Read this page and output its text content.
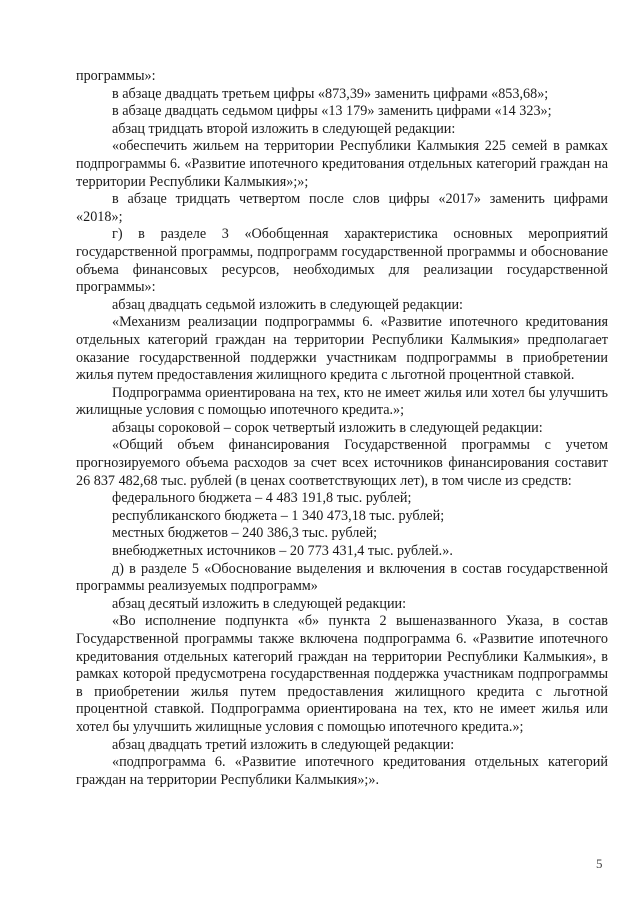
программы»:

в абзаце двадцать третьем цифры «873,39» заменить цифрами «853,68»;

в абзаце двадцать седьмом цифры «13 179» заменить цифрами «14 323»;

абзац тридцать второй изложить в следующей редакции:

«обеспечить жильем на территории Республики Калмыкия 225 семей в рамках подпрограммы 6. «Развитие ипотечного кредитования отдельных категорий граждан на территории Республики Калмыкия»;»;

в абзаце тридцать четвертом после слов цифры «2017» заменить цифрами «2018»;

г) в разделе 3 «Обобщенная характеристика основных мероприятий государственной программы, подпрограмм государственной программы и обоснование объема финансовых ресурсов, необходимых для реализации государственной программы»:

абзац двадцать седьмой изложить в следующей редакции:

«Механизм реализации подпрограммы 6. «Развитие ипотечного кредитования отдельных категорий граждан на территории Республики Калмыкия» предполагает оказание государственной поддержки участникам подпрограммы в приобретении жилья путем предоставления жилищного кредита с льготной процентной ставкой.

Подпрограмма ориентирована на тех, кто не имеет жилья или хотел бы улучшить жилищные условия с помощью ипотечного кредита.»;

абзацы сороковой – сорок четвертый изложить в следующей редакции:

«Общий объем финансирования Государственной программы с учетом прогнозируемого объема расходов за счет всех источников финансирования составит 26 837 482,68 тыс. рублей (в ценах соответствующих лет), в том числе из средств:

федерального бюджета – 4 483 191,8 тыс. рублей;

республиканского бюджета – 1 340 473,18 тыс. рублей;

местных бюджетов – 240 386,3 тыс. рублей;

внебюджетных источников – 20 773 431,4 тыс. рублей.».

д) в разделе 5 «Обоснование выделения и включения в состав государственной программы реализуемых подпрограмм»

абзац десятый изложить в следующей редакции:

«Во исполнение подпункта «б» пункта 2 вышеназванного Указа, в состав Государственной программы также включена подпрограмма 6. «Развитие ипотечного кредитования отдельных категорий граждан на территории Республики Калмыкия», в рамках которой предусмотрена государственная поддержка участникам подпрограммы в приобретении жилья путем предоставления жилищного кредита с льготной процентной ставкой. Подпрограмма ориентирована на тех, кто не имеет жилья или хотел бы улучшить жилищные условия с помощью ипотечного кредита.»;

абзац двадцать третий изложить в следующей редакции:

«подпрограмма 6. «Развитие ипотечного кредитования отдельных категорий граждан на территории Республики Калмыкия»;».

5
